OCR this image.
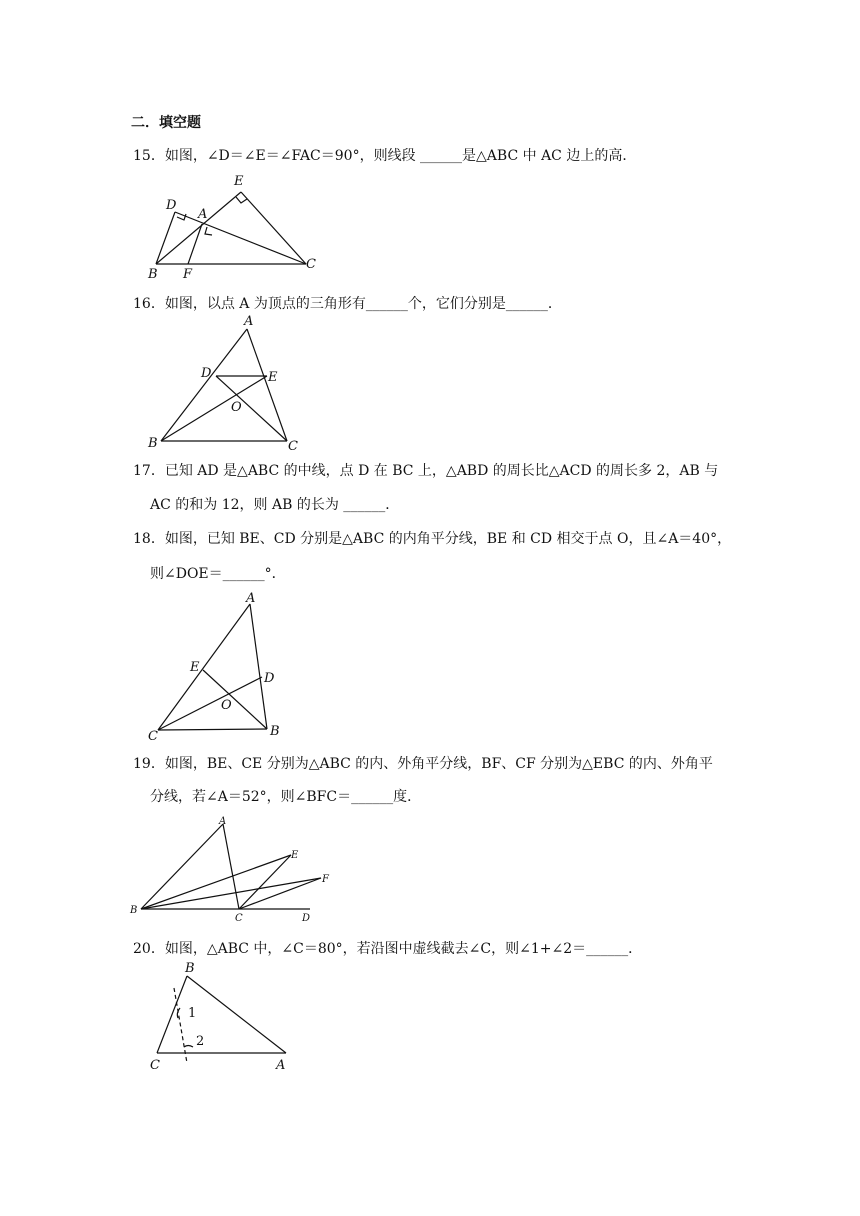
二．填空题
15．如图，∠D＝∠E＝∠FAC＝90°，则线段 ______是△ABC 中 AC 边上的高．
E
D
A
B F
C
16．如图，以点 A 为顶点的三角形有______个，它们分别是______．
A
D	E
O
B	C
17．已知 AD 是△ABC 的中线，点 D 在 BC 上，△ABD 的周长比△ACD 的周长多 2，AB 与
AC 的和为 12，则 AB 的长为 ______．
18．如图，已知 BE、CD 分别是△ABC 的内角平分线，BE 和 CD 相交于点 O，且∠A＝40°，
则∠DOE＝______°．
A
E
D
O
C	B
19．如图，BE、CE 分别为△ABC 的内、外角平分线，BF、CF 分别为△EBC 的内、外角平
分线，若∠A＝52°，则∠BFC＝______度．
A
E
F
B
C	D
20．如图，△ABC 中，∠C＝80°，若沿图中虚线截去∠C，则∠1+∠2＝______．
B
1
2
C	A
